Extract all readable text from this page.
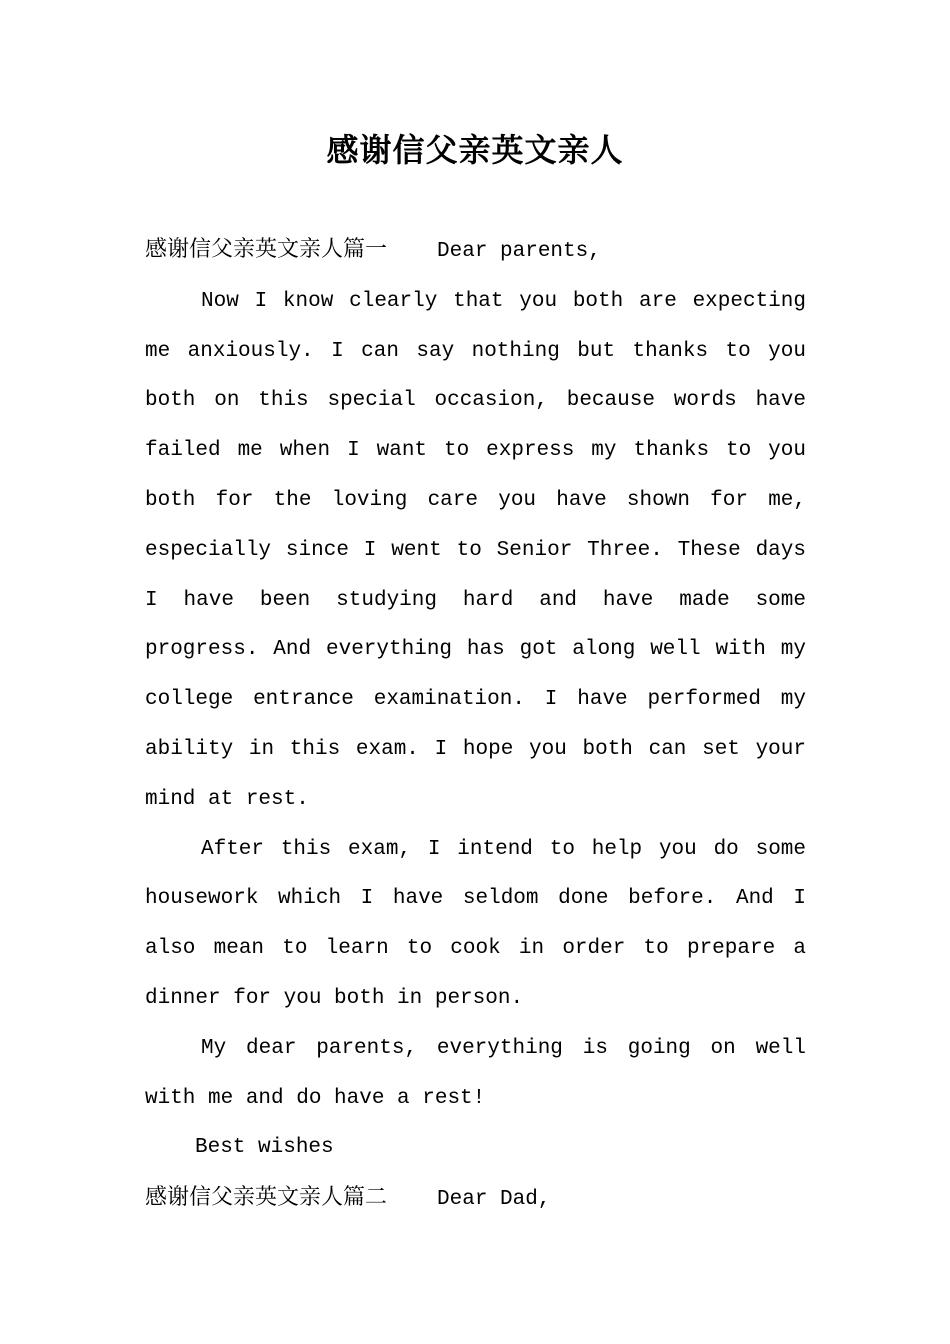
感谢信父亲英文亲人

感谢信父亲英文亲人篇一 Dear parents,

Now I know clearly that you both are expecting me anxiously. I can say nothing but thanks to you both on this special occasion, because words have failed me when I want to express my thanks to you both for the loving care you have shown for me, especially since I went to Senior Three. These days I have been studying hard and have made some progress. And everything has got along well with my college entrance examination. I have performed my ability in this exam. I hope you both can set your mind at rest.

After this exam, I intend to help you do some housework which I have seldom done before. And I also mean to learn to cook in order to prepare a dinner for you both in person.

My dear parents, everything is going on well with me and do have a rest!

Best wishes

感谢信父亲英文亲人篇二 Dear Dad,
